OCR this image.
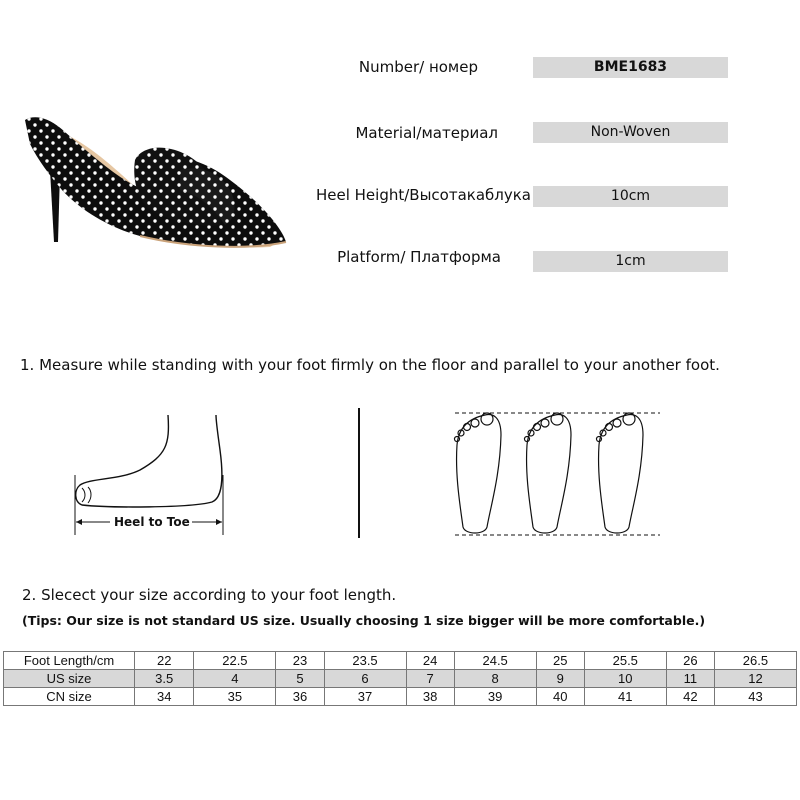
Number/ номер	BME1683
Material/материал	Non-Woven
Heel Height/Высотакаблука	10cm
Platform/ Платформа	1cm
1. Measure while standing with your foot firmly on the floor and parallel to your another foot.
Heel to Toe
2. Slecect your size according to your foot length.
(Tips: Our size is not standard US size. Usually choosing 1 size bigger will be more comfortable.)
Foot Length/cm	22	22.5	23	23.5	24	24.5	25	25.5	26	26.5
US size	3.5	4	5	6	7	8	9	10	11	12
CN size	34	35	36	37	38	39	40	41	42	43
